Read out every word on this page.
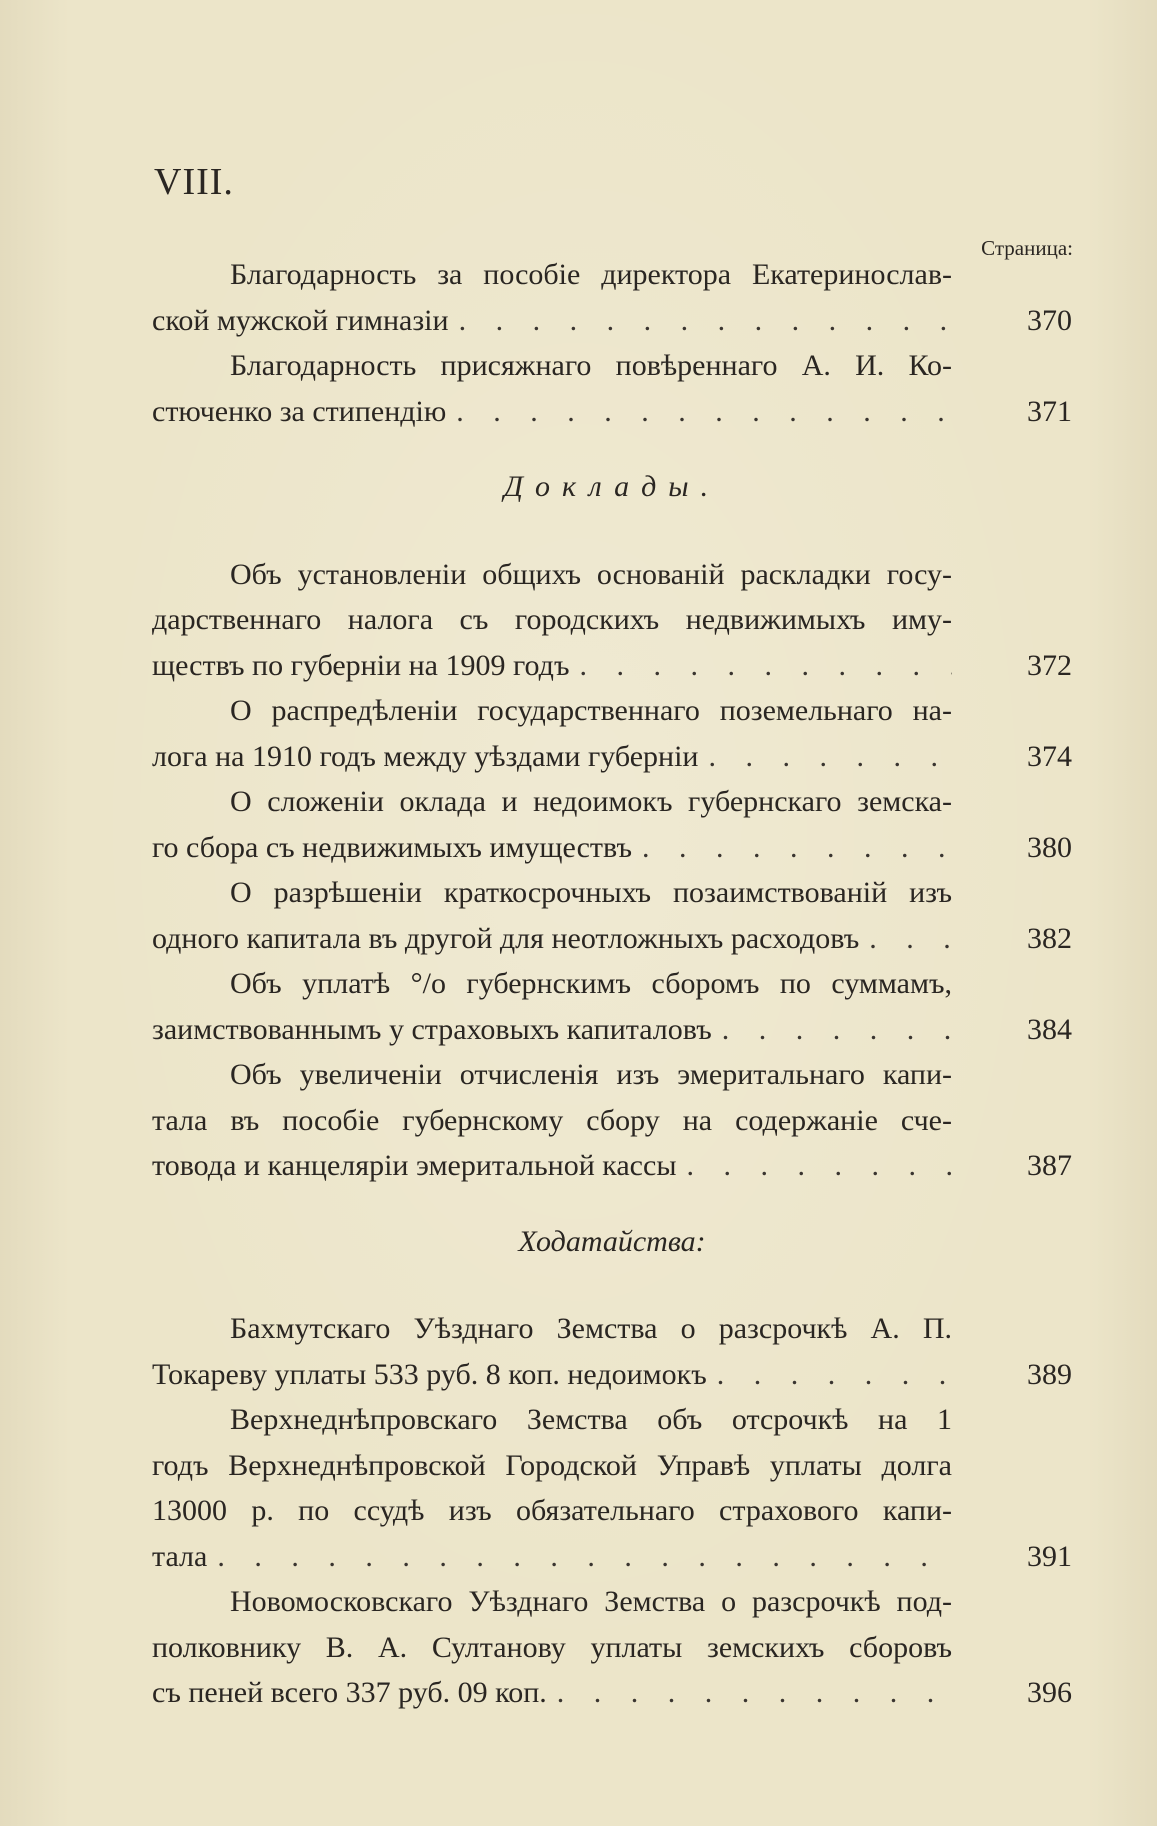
VIII.
Страница:
Благодарность за пособіе директора Екатеринослав-
ской мужской гимназіи . . .	370
Благодарность присяжнаго повѣреннаго А. И. Ко-
стюченко за стипендію . . .	371
Доклады.
Объ установленіи общихъ основаній раскладки госу-
дарственнаго налога съ городскихъ недвижимыхъ иму-
ществъ по губерніи на 1909 годъ . . .	372
О распредѣленіи государственнаго поземельнаго на-
лога на 1910 годъ между уѣздами губерніи . . .	374
О сложеніи оклада и недоимокъ губернскаго земска-
го сбора съ недвижимыхъ имуществъ . . .	380
О разрѣшеніи краткосрочныхъ позаимствованій изъ
одного капитала въ другой для неотложныхъ расходовъ . . .	382
Объ уплатѣ °/о губернскимъ сборомъ по суммамъ,
заимствованнымъ у страховыхъ капиталовъ . . .	384
Объ увеличеніи отчисленія изъ эмеритальнаго капи-
тала въ пособіе губернскому сбору на содержаніе сче-
товода и канцеляріи эмеритальной кассы . . .	387
Ходатайства:
Бахмутскаго Уѣзднаго Земства о разсрочкѣ А. П.
Токареву уплаты 533 руб. 8 коп. недоимокъ . . .	389
Верхнеднѣпровскаго Земства объ отсрочкѣ на 1
годъ Верхнеднѣпровской Городской Управѣ уплаты долга
13000 р. по ссудѣ изъ обязательнаго страхового капи-
тала . . .	391
Новомосковскаго Уѣзднаго Земства о разсрочкѣ под-
полковнику В. А. Султанову уплаты земскихъ сборовъ
съ пеней всего 337 руб. 09 коп. . . .	396
